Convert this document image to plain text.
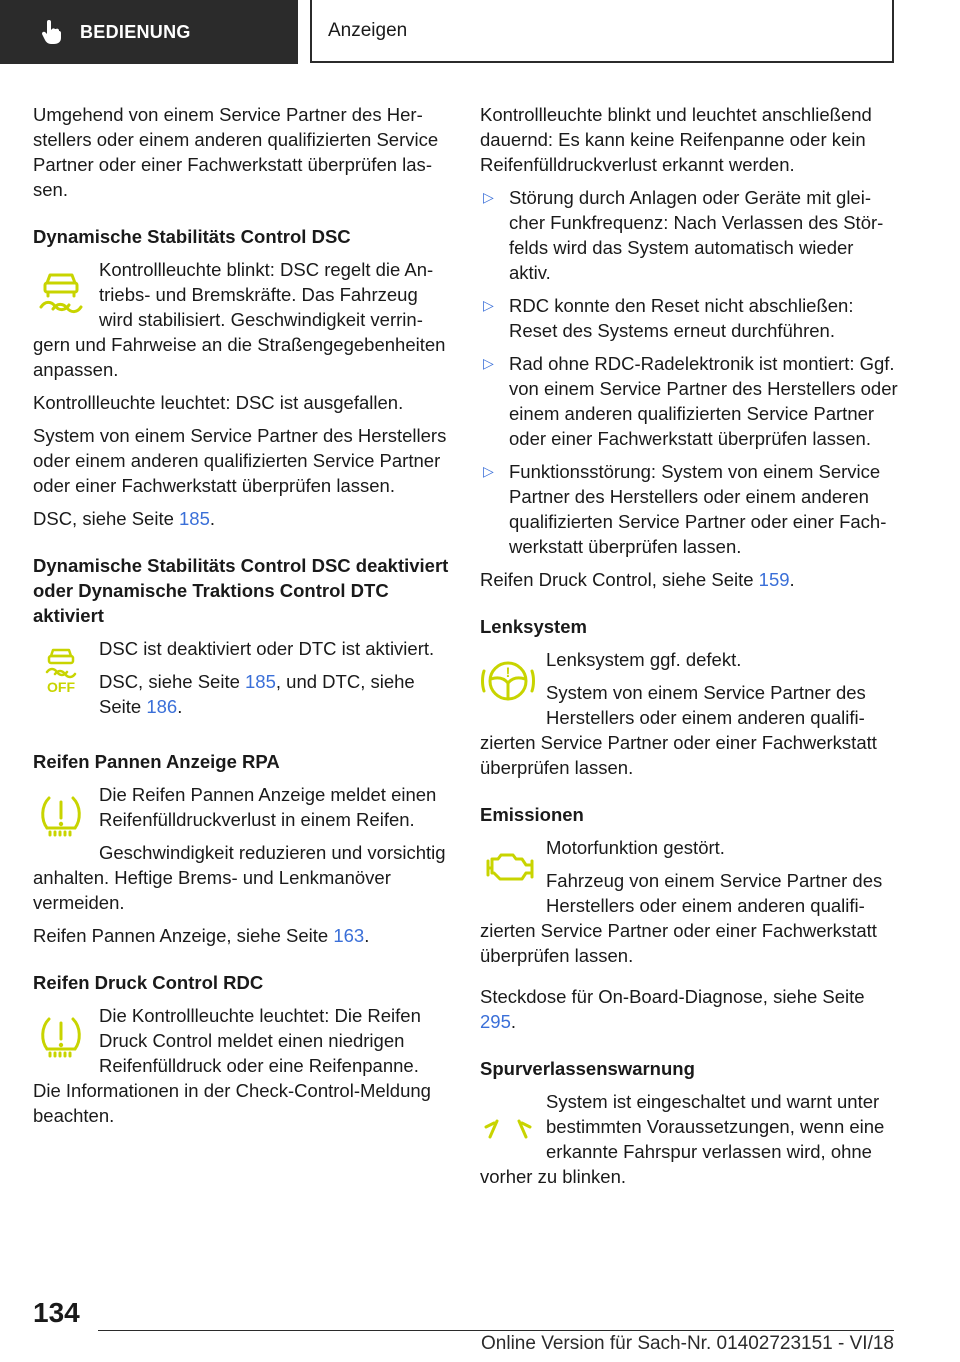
BEDIENUNG	Anzeigen

Umgehend von einem Service Partner des Herstellers oder einem anderen qualifizierten Service Partner oder einer Fachwerkstatt überprüfen lassen.

Dynamische Stabilitäts Control DSC

Kontrollleuchte blinkt: DSC regelt die Antriebs- und Bremskräfte. Das Fahrzeug wird stabilisiert. Geschwindigkeit verringern und Fahrweise an die Straßengegebenheiten anpassen.

Kontrollleuchte leuchtet: DSC ist ausgefallen.

System von einem Service Partner des Herstellers oder einem anderen qualifizierten Service Partner oder einer Fachwerkstatt überprüfen lassen.

DSC, siehe Seite 185.

Dynamische Stabilitäts Control DSC deaktiviert oder Dynamische Traktions Control DTC aktiviert
OFF

DSC ist deaktiviert oder DTC ist aktiviert.

DSC, siehe Seite 185, und DTC, siehe Seite 186.

Reifen Pannen Anzeige RPA

Die Reifen Pannen Anzeige meldet einen Reifenfülldruckverlust in einem Reifen.

Geschwindigkeit reduzieren und vorsichtig anhalten. Heftige Brems- und Lenkmanöver vermeiden.

Reifen Pannen Anzeige, siehe Seite 163.

Reifen Druck Control RDC

Die Kontrollleuchte leuchtet: Die Reifen Druck Control meldet einen niedrigen Reifenfülldruck oder eine Reifenpanne. Die Informationen in der Check-Control-Meldung beachten.

Kontrollleuchte blinkt und leuchtet anschließend dauernd: Es kann keine Reifenpanne oder kein Reifenfülldruckverlust erkannt werden.

▷ Störung durch Anlagen oder Geräte mit gleicher Funkfrequenz: Nach Verlassen des Störfelds wird das System automatisch wieder aktiv.
▷ RDC konnte den Reset nicht abschließen: Reset des Systems erneut durchführen.
▷ Rad ohne RDC-Radelektronik ist montiert: Ggf. von einem Service Partner des Herstellers oder einem anderen qualifizierten Service Partner oder einer Fachwerkstatt überprüfen lassen.
▷ Funktionsstörung: System von einem Service Partner des Herstellers oder einem anderen qualifizierten Service Partner oder einer Fachwerkstatt überprüfen lassen.

Reifen Druck Control, siehe Seite 159.

Lenksystem
!

Lenksystem ggf. defekt.

System von einem Service Partner des Herstellers oder einem anderen qualifizierten Service Partner oder einer Fachwerkstatt überprüfen lassen.

Emissionen

Motorfunktion gestört.

Fahrzeug von einem Service Partner des Herstellers oder einem anderen qualifizierten Service Partner oder einer Fachwerkstatt überprüfen lassen.

Steckdose für On-Board-Diagnose, siehe Seite 295.

Spurverlassenswarnung

System ist eingeschaltet und warnt unter bestimmten Voraussetzungen, wenn eine erkannte Fahrspur verlassen wird, ohne vorher zu blinken.

134
Online Version für Sach-Nr. 01402723151 - VI/18
